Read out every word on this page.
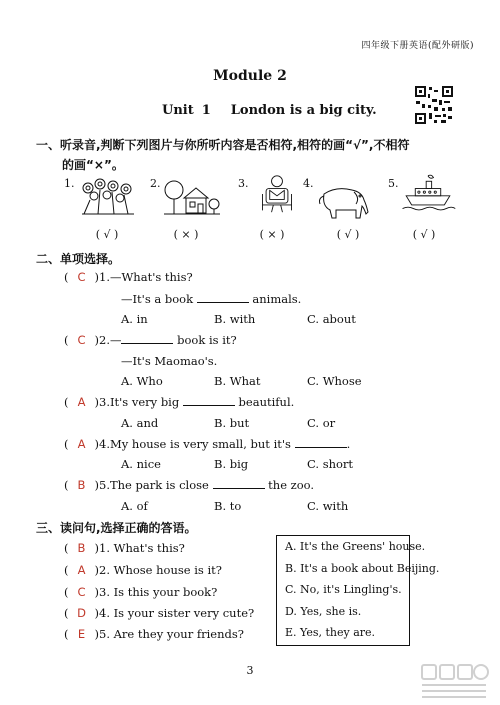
四年级下册英语(配外研版)
Module 2
Unit 1 London is a big city.
一、听录音,判断下列图片与你所听内容是否相符,相符的画“√”,不相符
的画“×”。
1.
( √ )
2.
( × )
3.
( × )
4.
( √ )
5.
( √ )
二、单项选择。
( C )1.—What's this?
—It's a book	animals.
A. in	B. with	C. about
( C )2.—	book is it?
—It's Maomao's.
A. Who	B. What	C. Whose
( A )3.It's very big	beautiful.
A. and	B. but	C. or
( A )4.My house is very small, but it's	.
A. nice	B. big	C. short
( B )5.The park is close	the zoo.
A. of	B. to	C. with
三、读问句,选择正确的答语。
( B )1. What's this?
( A )2. Whose house is it?
( C )3. Is this your book?
( D )4. Is your sister very cute?
( E )5. Are they your friends?
A. It's the Greens' house.
B. It's a book about Beijing.
C. No, it's Lingling's.
D. Yes, she is.
E. Yes, they are.
3
